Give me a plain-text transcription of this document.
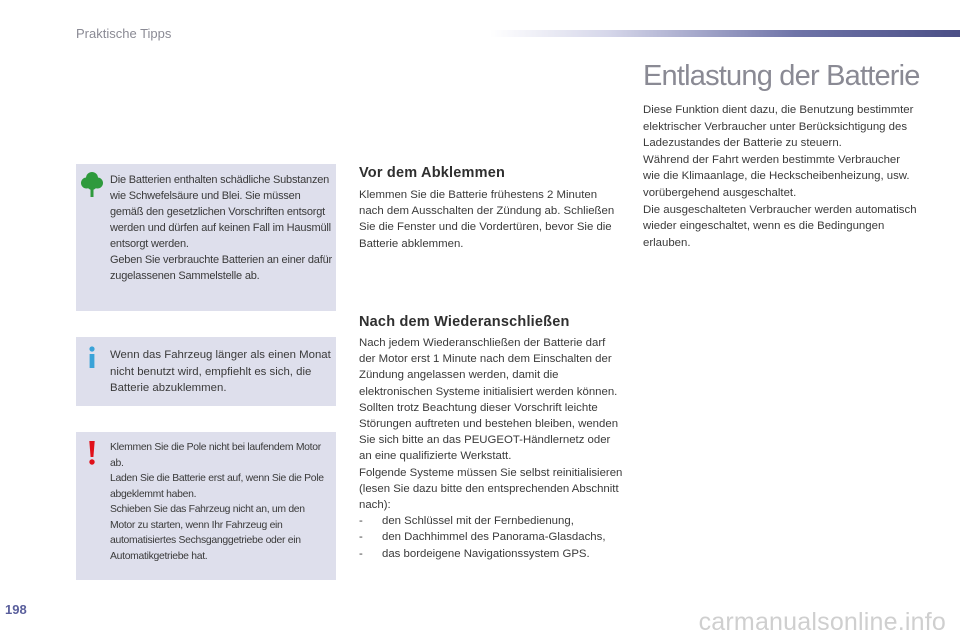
Praktische Tipps
Entlastung der Batterie

Diese Funktion dient dazu, die Benutzung bestimmter elektrischer Verbraucher unter Berücksichtigung des Ladezustandes der Batterie zu steuern.

Während der Fahrt werden bestimmte Verbraucher wie die Klimaanlage, die Heckscheibenheizung, usw. vorübergehend ausgeschaltet.

Die ausgeschalteten Verbraucher werden automatisch wieder eingeschaltet, wenn es die Bedingungen erlauben.

Die Batterien enthalten schädliche Substanzen wie Schwefelsäure und Blei. Sie müssen gemäß den gesetzlichen Vorschriften entsorgt werden und dürfen auf keinen Fall im Hausmüll entsorgt werden.

Geben Sie verbrauchte Batterien an einer dafür zugelassenen Sammelstelle ab.

Wenn das Fahrzeug länger als einen Monat nicht benutzt wird, empfiehlt es sich, die Batterie abzuklemmen.

Klemmen Sie die Pole nicht bei laufendem Motor ab.

Laden Sie die Batterie erst auf, wenn Sie die Pole abgeklemmt haben.

Schieben Sie das Fahrzeug nicht an, um den Motor zu starten, wenn Ihr Fahrzeug ein automatisiertes Sechsganggetriebe oder ein Automatikgetriebe hat.

Vor dem Abklemmen

Klemmen Sie die Batterie frühestens 2 Minuten nach dem Ausschalten der Zündung ab. Schließen Sie die Fenster und die Vordertüren, bevor Sie die Batterie abklemmen.

Nach dem Wiederanschließen

Nach jedem Wiederanschließen der Batterie darf der Motor erst 1 Minute nach dem Einschalten der Zündung angelassen werden, damit die elektronischen Systeme initialisiert werden können. Sollten trotz Beachtung dieser Vorschrift leichte Störungen auftreten und bestehen bleiben, wenden Sie sich bitte an das PEUGEOT-Händlernetz oder an eine qualifizierte Werkstatt.

Folgende Systeme müssen Sie selbst reinitialisieren (lesen Sie dazu bitte den entsprechenden Abschnitt nach):

- den Schlüssel mit der Fernbedienung,
- den Dachhimmel des Panorama-Glasdachs,
- das bordeigene Navigationssystem GPS.
198	carmanualsonline.info
